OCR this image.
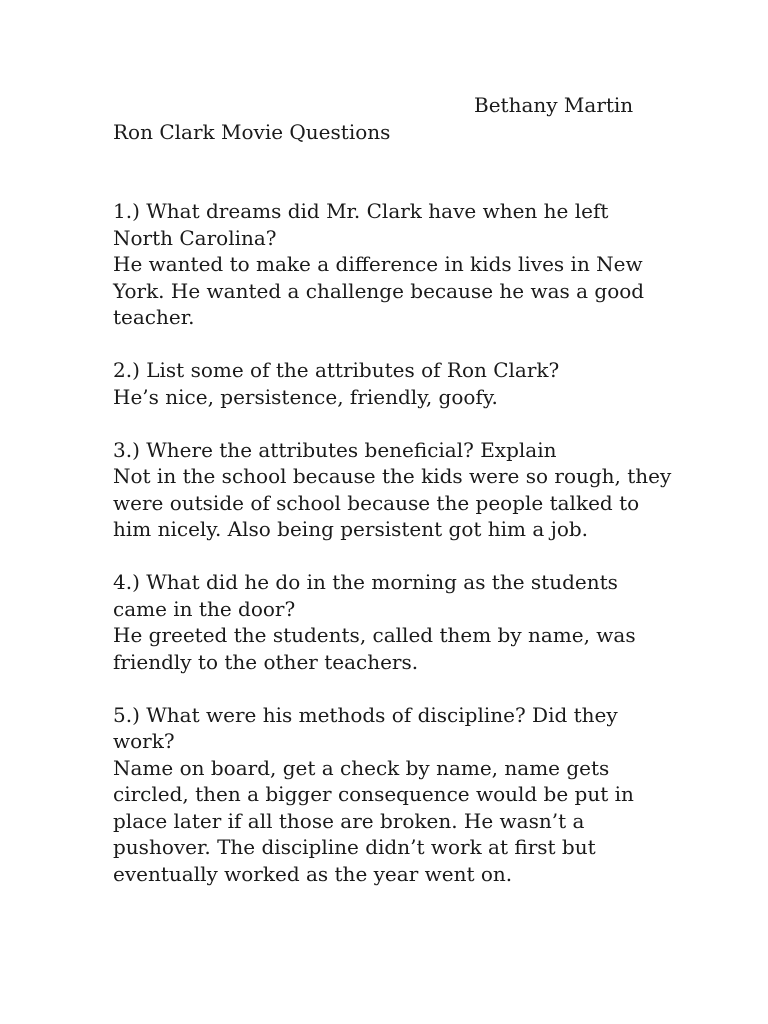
Bethany Martin
Ron Clark Movie Questions

1.) What dreams did Mr. Clark have when he left North Carolina?

He wanted to make a difference in kids lives in New York. He wanted a challenge because he was a good teacher.

2.) List some of the attributes of Ron Clark?

He’s nice, persistence, friendly, goofy.

3.) Where the attributes beneficial? Explain

Not in the school because the kids were so rough, they were outside of school because the people talked to him nicely. Also being persistent got him a job.

4.) What did he do in the morning as the students came in the door?

He greeted the students, called them by name, was friendly to the other teachers.

5.) What were his methods of discipline? Did they work?

Name on board, get a check by name, name gets circled, then a bigger consequence would be put in place later if all those are broken. He wasn’t a pushover. The discipline didn’t work at first but eventually worked as the year went on.
